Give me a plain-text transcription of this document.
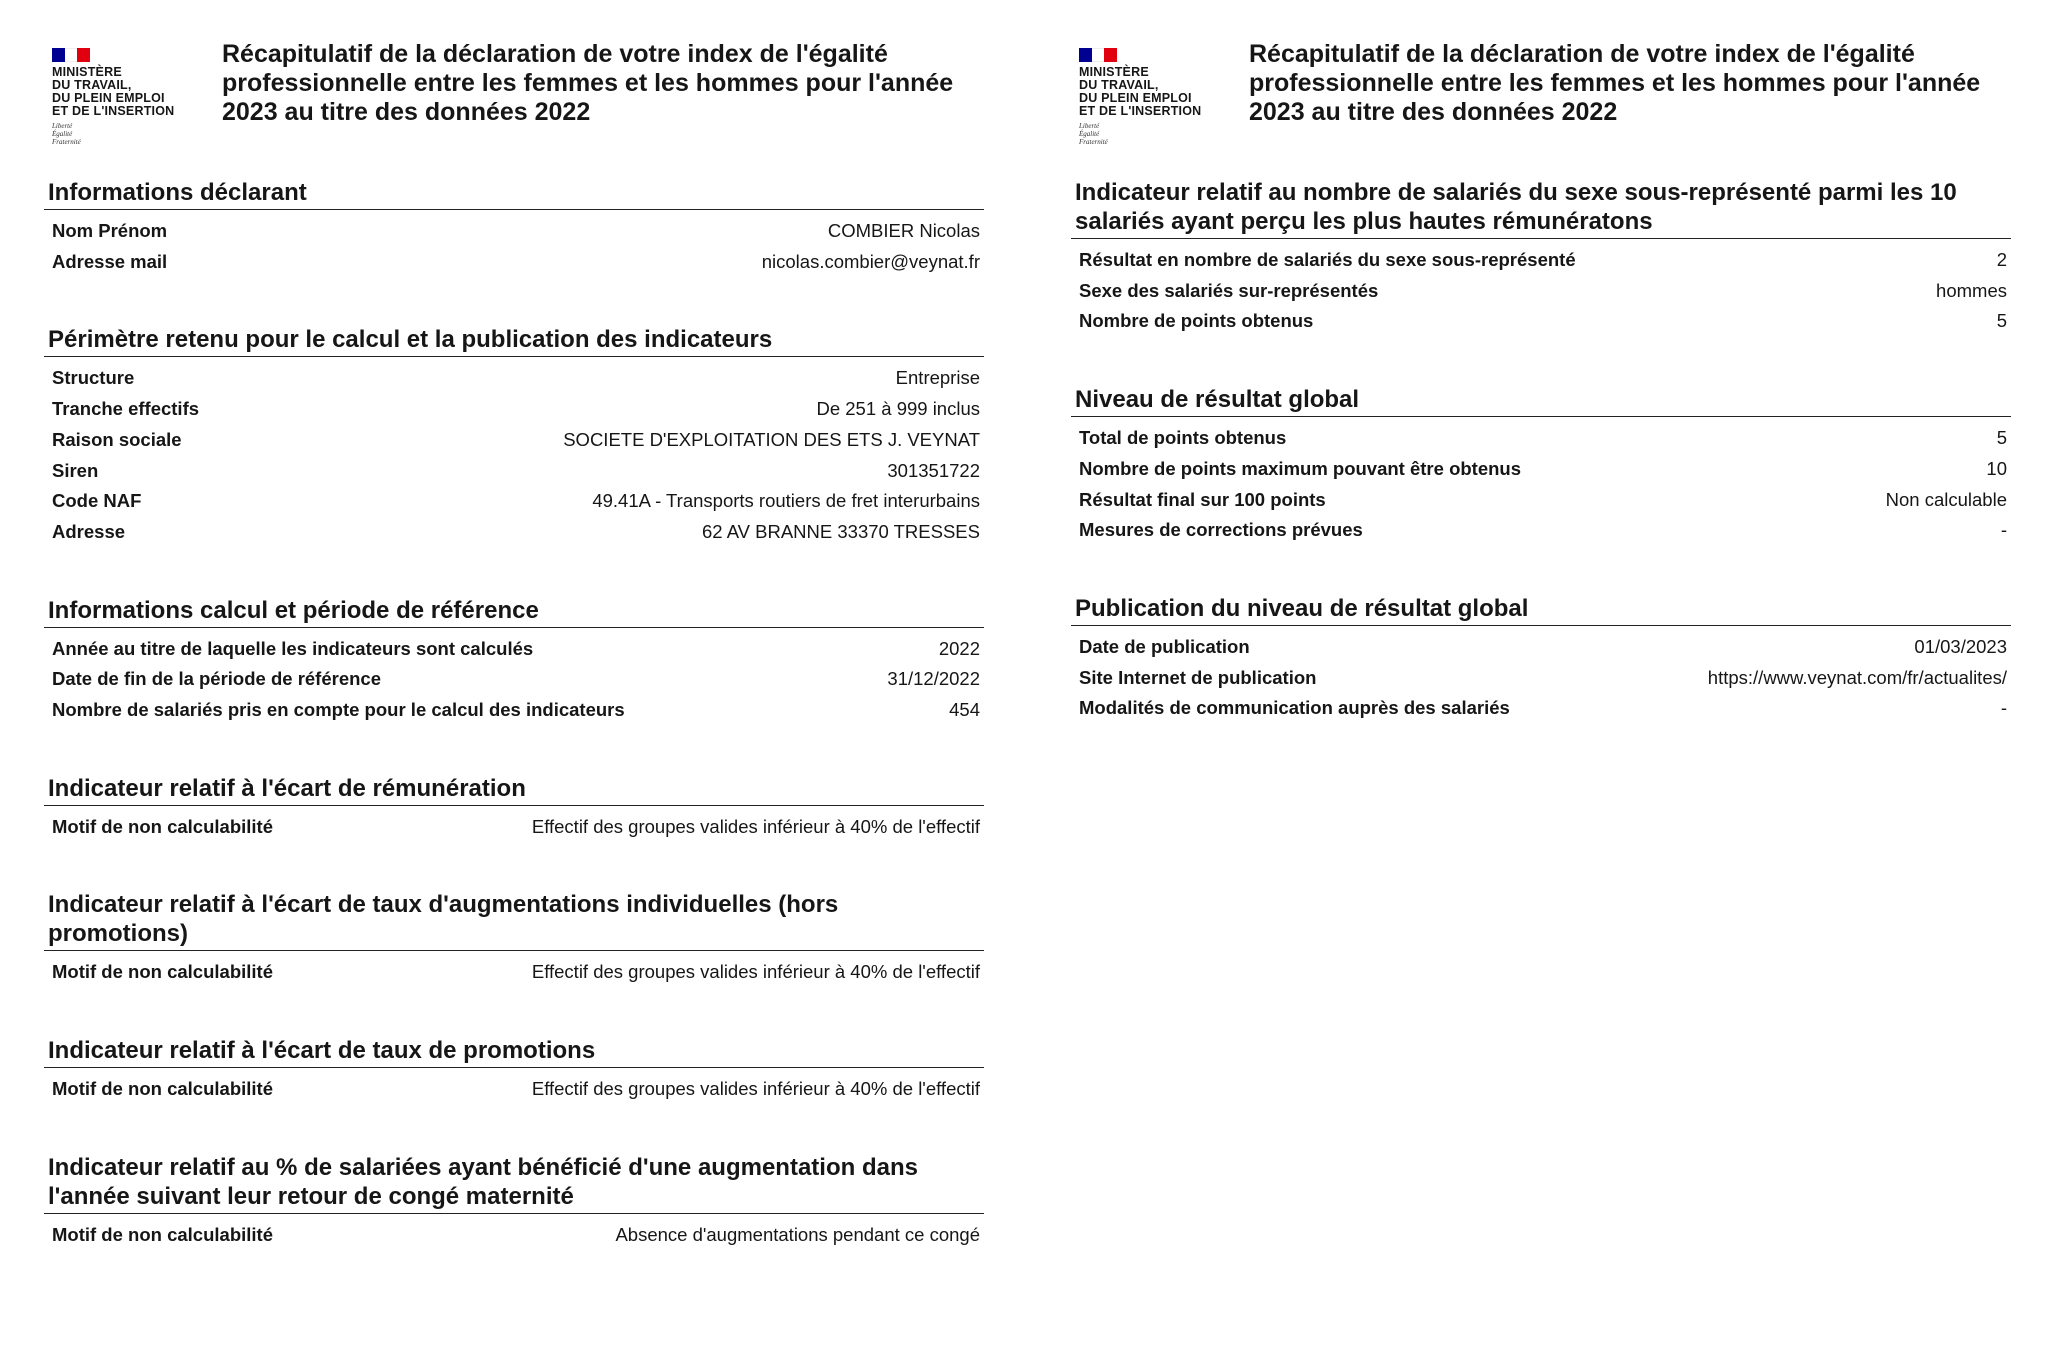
MINISTÈRE
DU TRAVAIL,
DU PLEIN EMPLOI
ET DE L'INSERTION
Liberté
Égalité
Fraternité
Récapitulatif de la déclaration de votre index de l'égalité professionnelle entre les femmes et les hommes pour l'année 2023 au titre des données 2022
Informations déclarant
Nom Prénom	COMBIER Nicolas
Adresse mail	nicolas.combier@veynat.fr
Périmètre retenu pour le calcul et la publication des indicateurs
Structure	Entreprise
Tranche effectifs	De 251 à 999 inclus
Raison sociale	SOCIETE D'EXPLOITATION DES ETS J. VEYNAT
Siren	301351722
Code NAF	49.41A - Transports routiers de fret interurbains
Adresse	62 AV BRANNE 33370 TRESSES
Informations calcul et période de référence
Année au titre de laquelle les indicateurs sont calculés	2022
Date de fin de la période de référence	31/12/2022
Nombre de salariés pris en compte pour le calcul des indicateurs	454
Indicateur relatif à l'écart de rémunération
Motif de non calculabilité	Effectif des groupes valides inférieur à 40% de l'effectif
Indicateur relatif à l'écart de taux d'augmentations individuelles (hors promotions)
Motif de non calculabilité	Effectif des groupes valides inférieur à 40% de l'effectif
Indicateur relatif à l'écart de taux de promotions
Motif de non calculabilité	Effectif des groupes valides inférieur à 40% de l'effectif
Indicateur relatif au % de salariées ayant bénéficié d'une augmentation dans l'année suivant leur retour de congé maternité
Motif de non calculabilité	Absence d'augmentations pendant ce congé
MINISTÈRE
DU TRAVAIL,
DU PLEIN EMPLOI
ET DE L'INSERTION
Liberté
Égalité
Fraternité
Récapitulatif de la déclaration de votre index de l'égalité professionnelle entre les femmes et les hommes pour l'année 2023 au titre des données 2022
Indicateur relatif au nombre de salariés du sexe sous-représenté parmi les 10 salariés ayant perçu les plus hautes rémunératons
Résultat en nombre de salariés du sexe sous-représenté	2
Sexe des salariés sur-représentés	hommes
Nombre de points obtenus	5
Niveau de résultat global
Total de points obtenus	5
Nombre de points maximum pouvant être obtenus	10
Résultat final sur 100 points	Non calculable
Mesures de corrections prévues	-
Publication du niveau de résultat global
Date de publication	01/03/2023
Site Internet de publication	https://www.veynat.com/fr/actualites/
Modalités de communication auprès des salariés	-
